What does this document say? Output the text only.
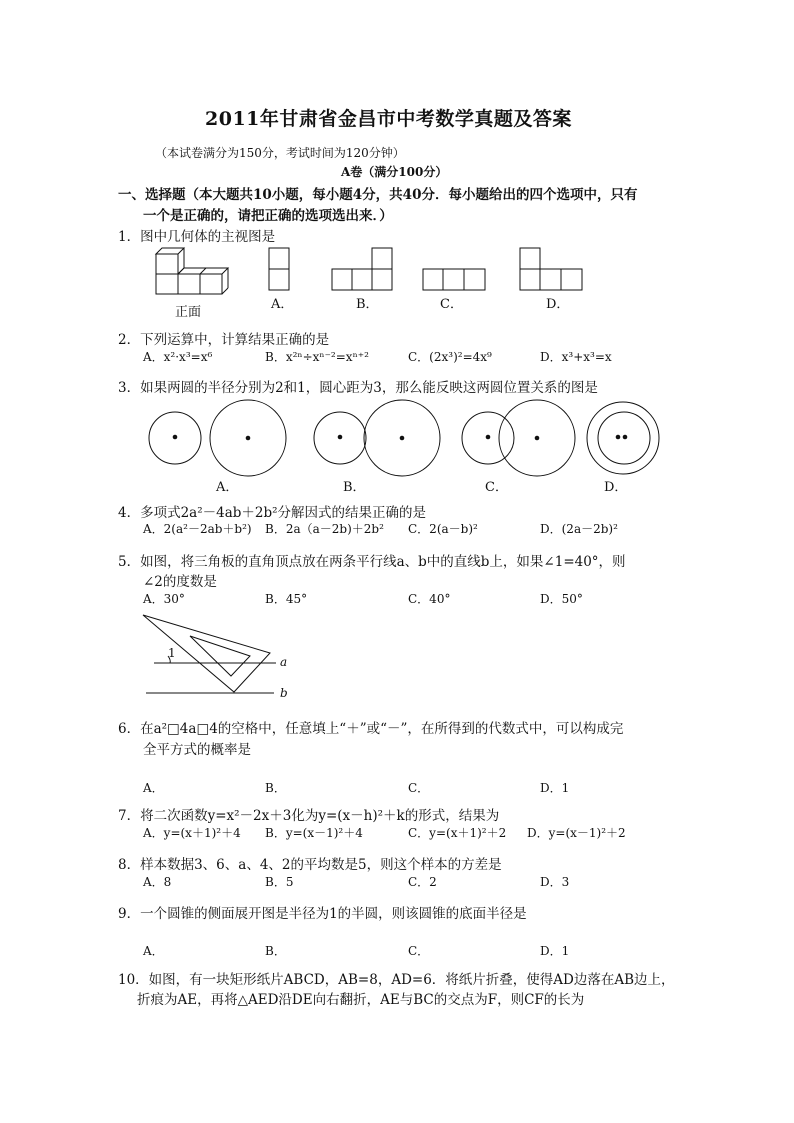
2011年甘肃省金昌市中考数学真题及答案
（本试卷满分为150分，考试时间为120分钟）
A卷（满分100分）
一、选择题（本大题共10小题，每小题4分，共40分．每小题给出的四个选项中，只有
一个是正确的，请把正确的选项选出来．）
1．图中几何体的主视图是
正面
A．	B．	C．	D．
2．下列运算中，计算结果正确的是
A．x²·x³=x⁶	B．x²ⁿ÷xⁿ⁻²=xⁿ⁺²	C．(2x³)²=4x⁹	D．x³+x³=x
3．如果两圆的半径分别为2和1，圆心距为3，那么能反映这两圆位置关系的图是
A．	B．	C．	D．
4．多项式2a²－4ab＋2b²分解因式的结果正确的是
A．2(a²－2ab＋b²) B．2a（a－2b)＋2b² C．2(a－b)²	D．(2a－2b)²
5．如图，将三角板的直角顶点放在两条平行线a、b中的直线b上，如果∠1=40°，则
∠2的度数是
A．30°	B．45°	C．40°	D．50°
1
a
b
6．在a²□4a□4的空格中，任意填上“＋”或“－”，在所得到的代数式中，可以构成完
全平方式的概率是
A．	B．	C．	D．1
7．将二次函数y=x²－2x＋3化为y=(x－h)²＋k的形式，结果为
A．y=(x＋1)²＋4 B．y=(x－1)²＋4	C．y=(x＋1)²＋2 D．y=(x－1)²＋2
8．样本数据3、6、a、4、2的平均数是5，则这个样本的方差是
A．8	B．5	C．2	D．3
9．一个圆锥的侧面展开图是半径为1的半圆，则该圆锥的底面半径是
A．	B．	C．	D．1
10．如图，有一块矩形纸片ABCD，AB=8，AD=6．将纸片折叠，使得AD边落在AB边上，
折痕为AE，再将△AED沿DE向右翻折，AE与BC的交点为F，则CF的长为
